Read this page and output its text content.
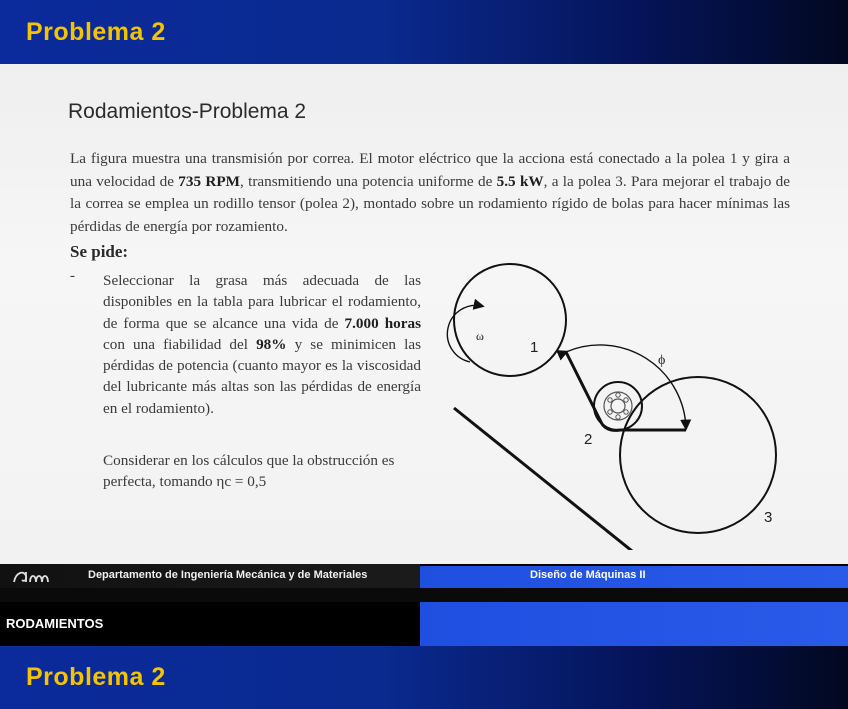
Problema 2
Rodamientos-Problema 2
La figura muestra una transmisión por correa. El motor eléctrico que la acciona está conectado a la polea 1 y gira a una velocidad de 735 RPM, transmitiendo una potencia uniforme de 5.5 kW, a la polea 3. Para mejorar el trabajo de la correa se emplea un rodillo tensor (polea 2), montado sobre un rodamiento rígido de bolas para hacer mínimas las pérdidas de energía por rozamiento.
Se pide:
- Seleccionar la grasa más adecuada de las disponibles en la tabla para lubricar el rodamiento, de forma que se alcance una vida de 7.000 horas con una fiabilidad del 98% y se minimicen las pérdidas de potencia (cuanto mayor es la viscosidad del lubricante más altas son las pérdidas de energía en el rodamiento).
Considerar en los cálculos que la obstrucción es perfecta, tomando ηc = 0,5
ω
ϕ
1
2
3
Departamento de Ingeniería Mecánica y de Materiales	Diseño de Máquinas II
RODAMIENTOS
Problema 2
